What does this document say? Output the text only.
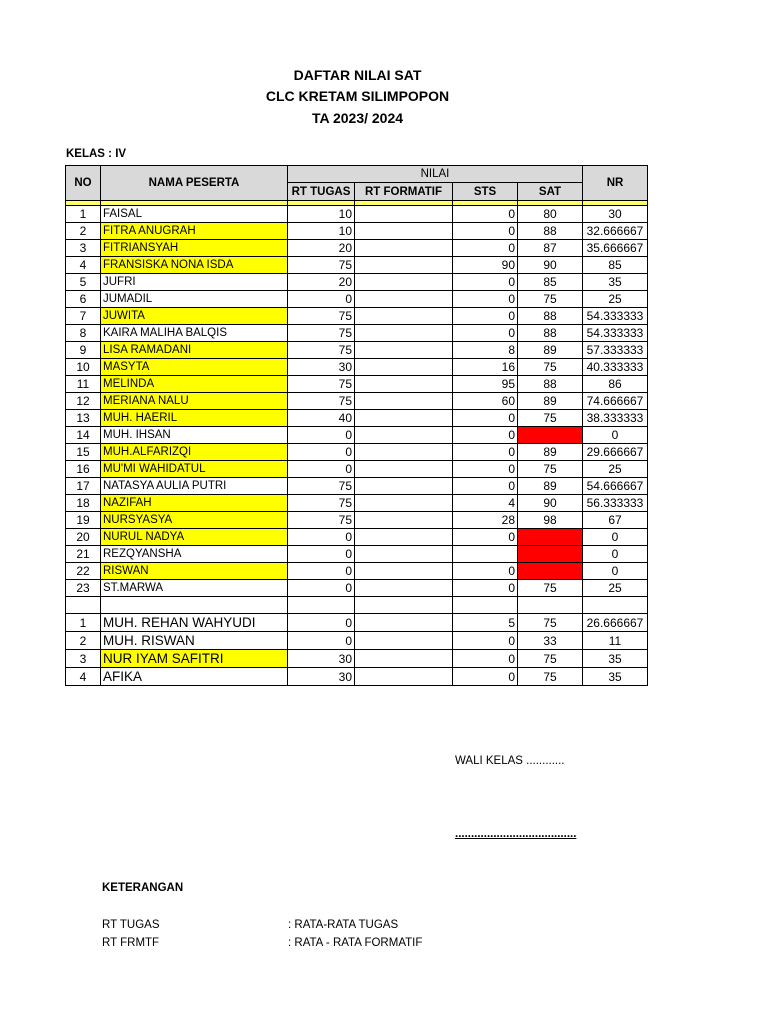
DAFTAR NILAI SAT
CLC KRETAM SILIMPOPON
TA 2023/ 2024
KELAS : IV
NO	NAMA PESERTA	NILAI				NR
		RT TUGAS	RT FORMATIF	STS	SAT	

1	FAISAL	10		0	80	30
2	FITRA ANUGRAH	10		0	88	32.666667
3	FITRIANSYAH	20		0	87	35.666667
4	FRANSISKA NONA ISDA	75		90	90	85
5	JUFRI	20		0	85	35
6	JUMADIL	0		0	75	25
7	JUWITA	75		0	88	54.333333
8	KAIRA MALIHA BALQIS	75		0	88	54.333333
9	LISA RAMADANI	75		8	89	57.333333
10	MASYTA	30		16	75	40.333333
11	MELINDA	75		95	88	86
12	MERIANA NALU	75		60	89	74.666667
13	MUH. HAERIL	40		0	75	38.333333
14	MUH. IHSAN	0		0		0
15	MUH.ALFARIZQI	0		0	89	29.666667
16	MU'MI WAHIDATUL	0		0	75	25
17	NATASYA AULIA PUTRI	75		0	89	54.666667
18	NAZIFAH	75		4	90	56.333333
19	NURSYASYA	75		28	98	67
20	NURUL NADYA	0		0		0
21	REZQYANSHA	0				0
22	RISWAN	0		0		0
23	ST.MARWA	0		0	75	25

1	MUH. REHAN WAHYUDI	0		5	75	26.666667
2	MUH. RISWAN	0		0	33	11
3	NUR IYAM SAFITRI	30		0	75	35
4	AFIKA	30		0	75	35
WALI KELAS ............
......................................
KETERANGAN
RT TUGAS	: RATA-RATA TUGAS
RT FRMTF	: RATA - RATA FORMATIF
